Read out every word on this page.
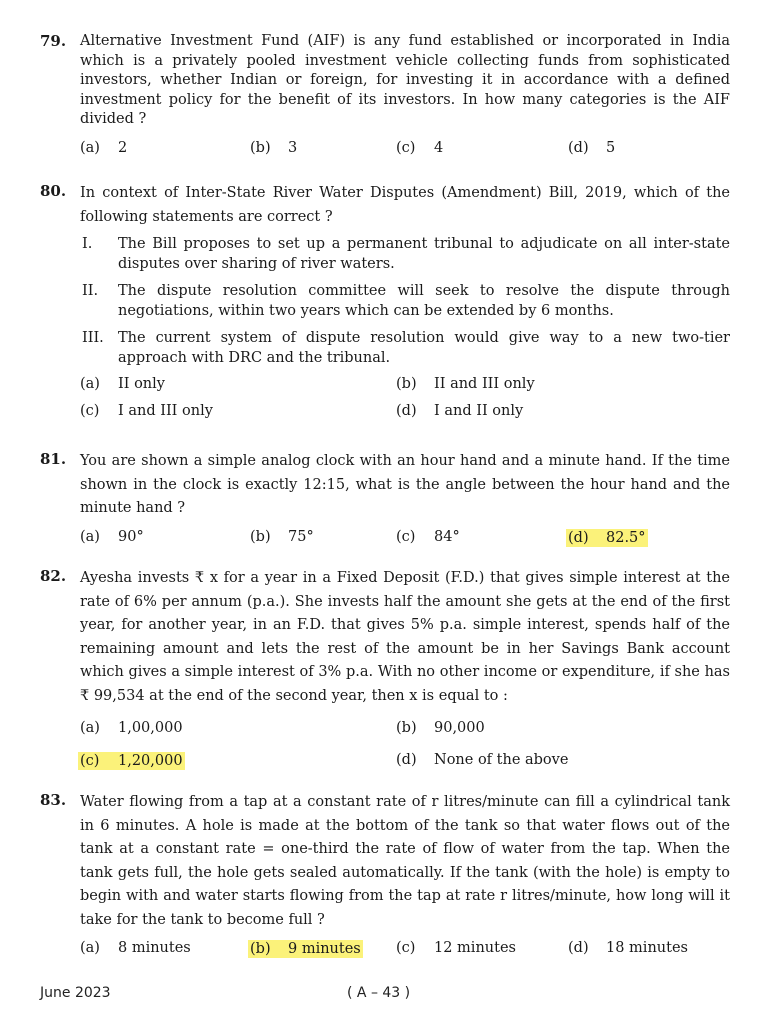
79. Alternative Investment Fund (AIF) is any fund established or incorporated in India which is a privately pooled investment vehicle collecting funds from sophisticated investors, whether Indian or foreign, for investing it in accordance with a defined investment policy for the benefit of its investors. In how many categories is the AIF divided ?
(a) 2	(b) 3	(c) 4	(d) 5
80. In context of Inter-State River Water Disputes (Amendment) Bill, 2019, which of the following statements are correct ?
I. The Bill proposes to set up a permanent tribunal to adjudicate on all inter-state disputes over sharing of river waters.
II. The dispute resolution committee will seek to resolve the dispute through negotiations, within two years which can be extended by 6 months.
III. The current system of dispute resolution would give way to a new two-tier approach with DRC and the tribunal.
(a) II only	(b) II and III only
(c) I and III only	(d) I and II only
81. You are shown a simple analog clock with an hour hand and a minute hand. If the time shown in the clock is exactly 12:15, what is the angle between the hour hand and the minute hand ?
(a) 90°	(b) 75°	(c) 84°	(d) 82.5°
82. Ayesha invests ₹ x for a year in a Fixed Deposit (F.D.) that gives simple interest at the rate of 6% per annum (p.a.). She invests half the amount she gets at the end of the first year, for another year, in an F.D. that gives 5% p.a. simple interest, spends half of the remaining amount and lets the rest of the amount be in her Savings Bank account which gives a simple interest of 3% p.a. With no other income or expenditure, if she has ₹ 99,534 at the end of the second year, then x is equal to :
(a) 1,00,000	(b) 90,000
(c) 1,20,000	(d) None of the above
83. Water flowing from a tap at a constant rate of r litres/minute can fill a cylindrical tank in 6 minutes. A hole is made at the bottom of the tank so that water flows out of the tank at a constant rate = one-third the rate of flow of water from the tap. When the tank gets full, the hole gets sealed automatically. If the tank (with the hole) is empty to begin with and water starts flowing from the tap at rate r litres/minute, how long will it take for the tank to become full ?
(a) 8 minutes	(b) 9 minutes (c) 12 minutes	(d) 18 minutes
June 2023	( A – 43 )
